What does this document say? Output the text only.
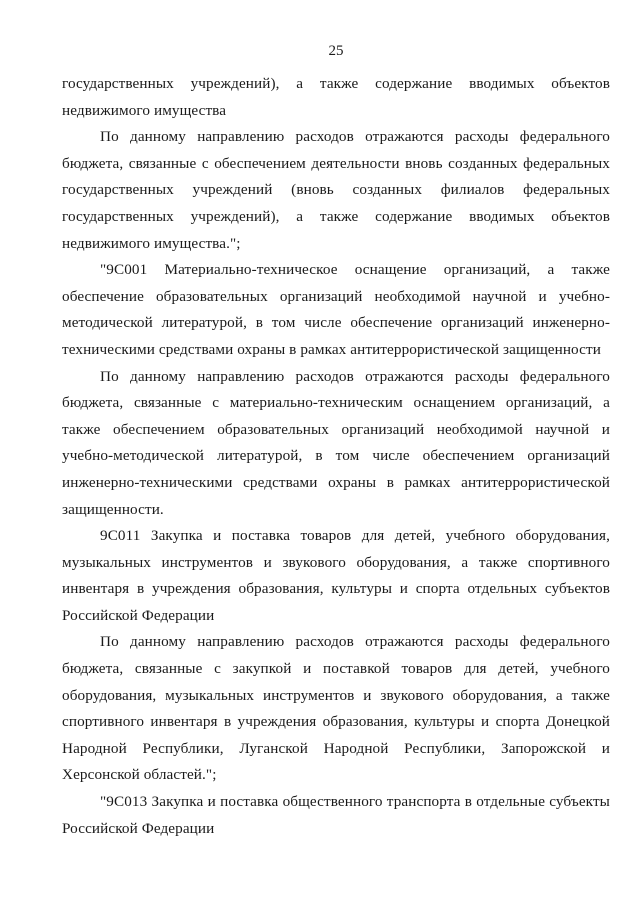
25

государственных учреждений), а также содержание вводимых объектов недвижимого имущества

По данному направлению расходов отражаются расходы федерального бюджета, связанные с обеспечением деятельности вновь созданных федеральных государственных учреждений (вновь созданных филиалов федеральных государственных учреждений), а также содержание вводимых объектов недвижимого имущества.";

"9С001 Материально-техническое оснащение организаций, а также обеспечение образовательных организаций необходимой научной и учебно-методической литературой, в том числе обеспечение организаций инженерно-техническими средствами охраны в рамках антитеррористической защищенности

По данному направлению расходов отражаются расходы федерального бюджета, связанные с материально-техническим оснащением организаций, а также обеспечением образовательных организаций необходимой научной и учебно-методической литературой, в том числе обеспечением организаций инженерно-техническими средствами охраны в рамках антитеррористической защищенности.

9С011 Закупка и поставка товаров для детей, учебного оборудования, музыкальных инструментов и звукового оборудования, а также спортивного инвентаря в учреждения образования, культуры и спорта отдельных субъектов Российской Федерации

По данному направлению расходов отражаются расходы федерального бюджета, связанные с закупкой и поставкой товаров для детей, учебного оборудования, музыкальных инструментов и звукового оборудования, а также спортивного инвентаря в учреждения образования, культуры и спорта Донецкой Народной Республики, Луганской Народной Республики, Запорожской и Херсонской областей.";

"9С013 Закупка и поставка общественного транспорта в отдельные субъекты Российской Федерации
